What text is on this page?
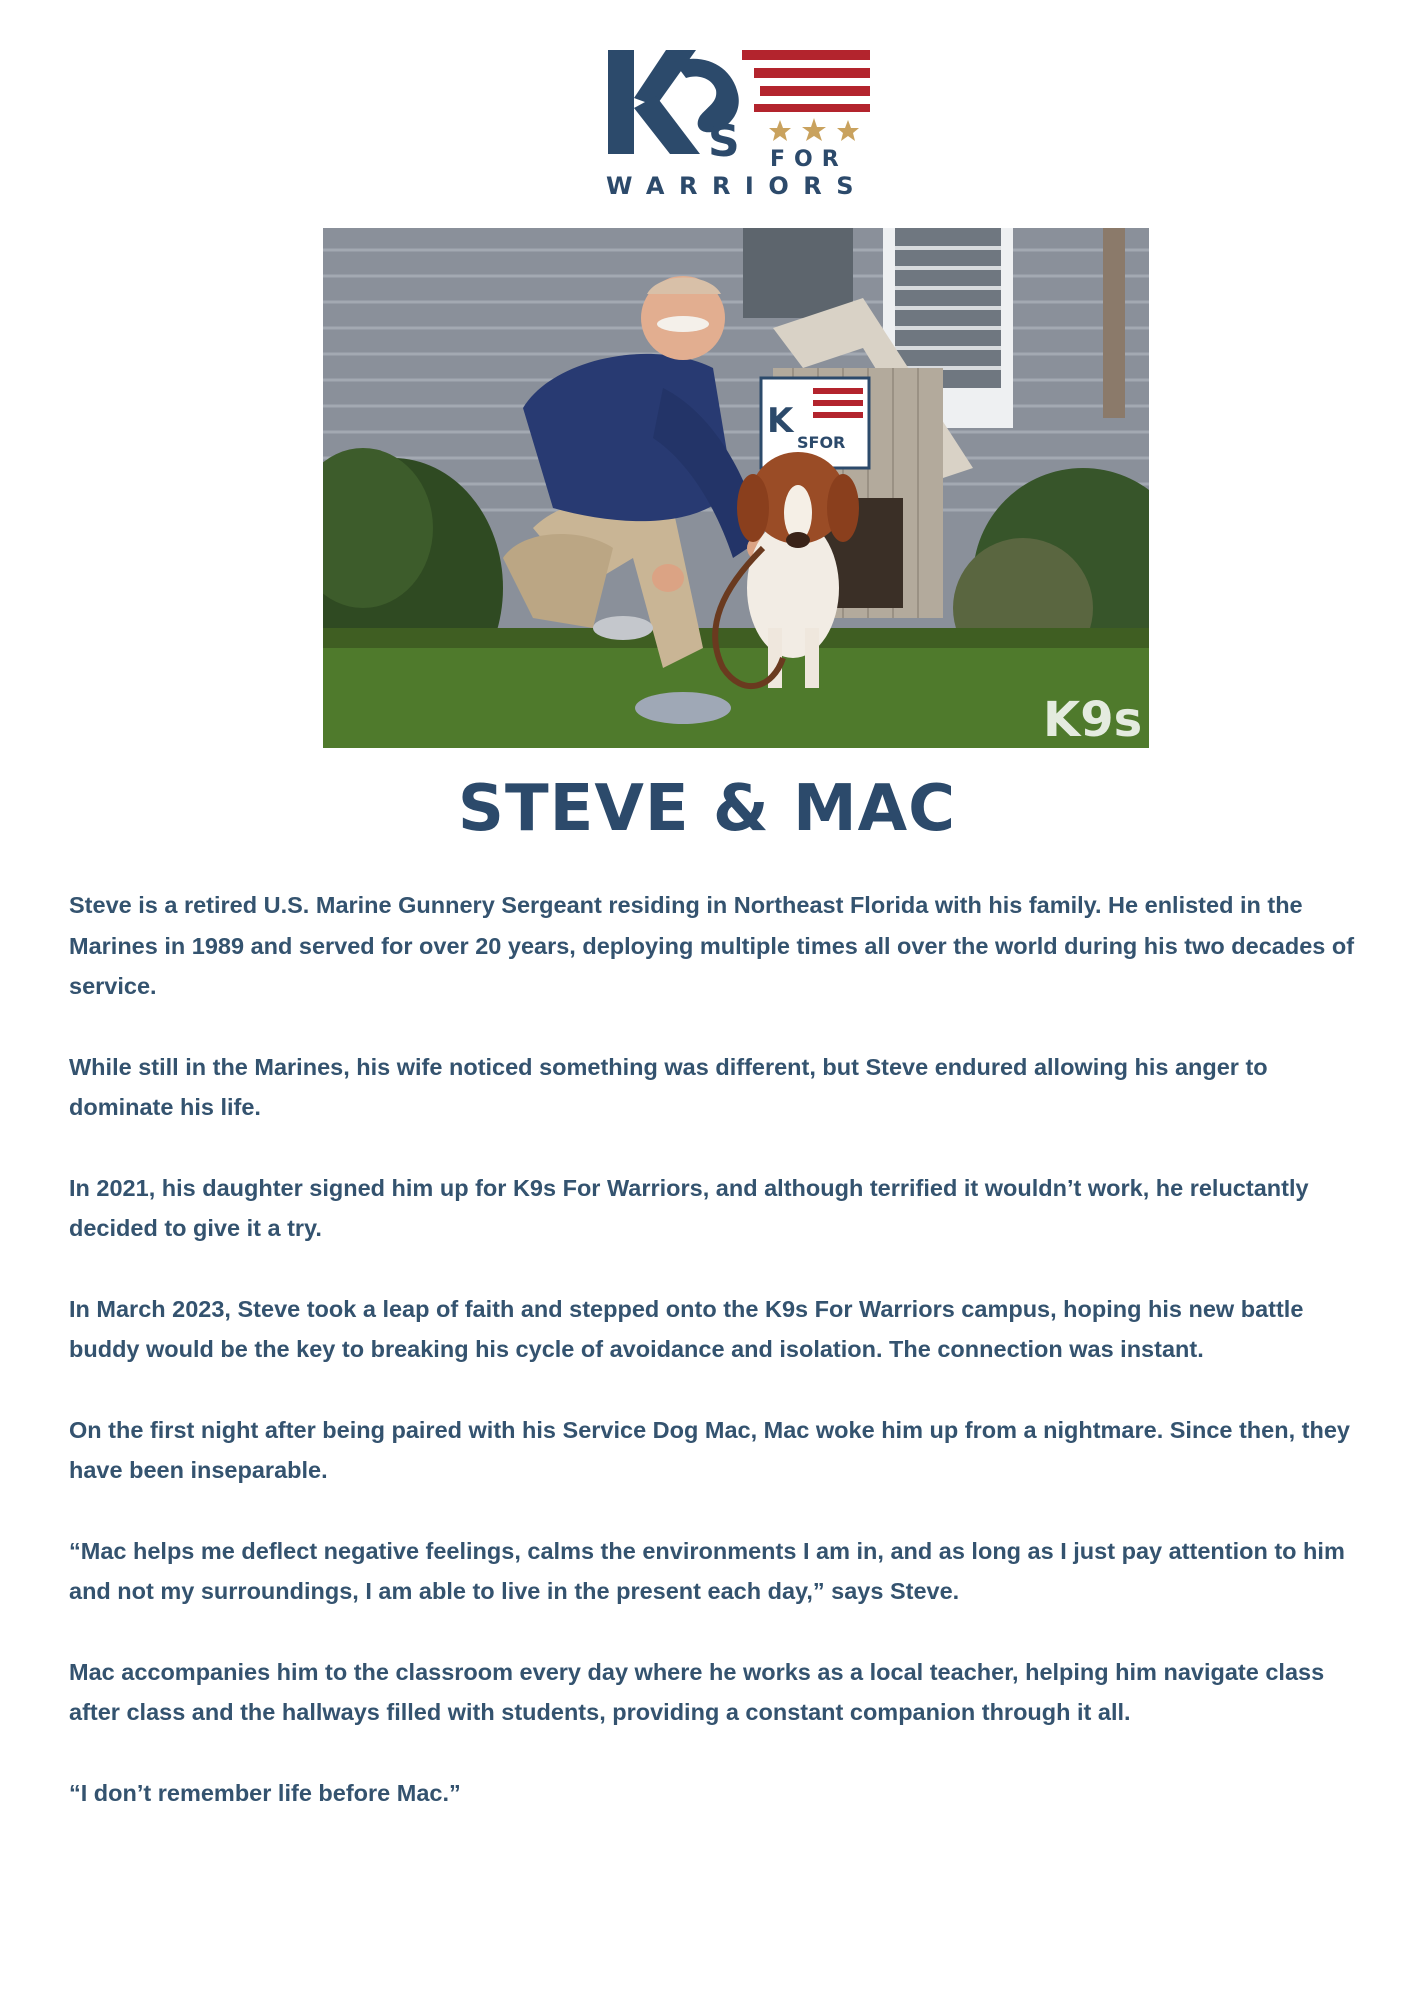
S FOR
WARRIORS
K
SFOR
K9s
STEVE & MAC

Steve is a retired U.S. Marine Gunnery Sergeant residing in Northeast Florida with his family. He enlisted in the Marines in 1989 and served for over 20 years, deploying multiple times all over the world during his two decades of service.

While still in the Marines, his wife noticed something was different, but Steve endured allowing his anger to dominate his life.

In 2021, his daughter signed him up for K9s For Warriors, and although terrified it wouldn’t work, he reluctantly decided to give it a try.

In March 2023, Steve took a leap of faith and stepped onto the K9s For Warriors campus, hoping his new battle buddy would be the key to breaking his cycle of avoidance and isolation. The connection was instant.

On the first night after being paired with his Service Dog Mac, Mac woke him up from a nightmare. Since then, they have been inseparable.

“Mac helps me deflect negative feelings, calms the environments I am in, and as long as I just pay attention to him and not my surroundings, I am able to live in the present each day,” says Steve.

Mac accompanies him to the classroom every day where he works as a local teacher, helping him navigate class after class and the hallways filled with students, providing a constant companion through it all.

“I don’t remember life before Mac.”
